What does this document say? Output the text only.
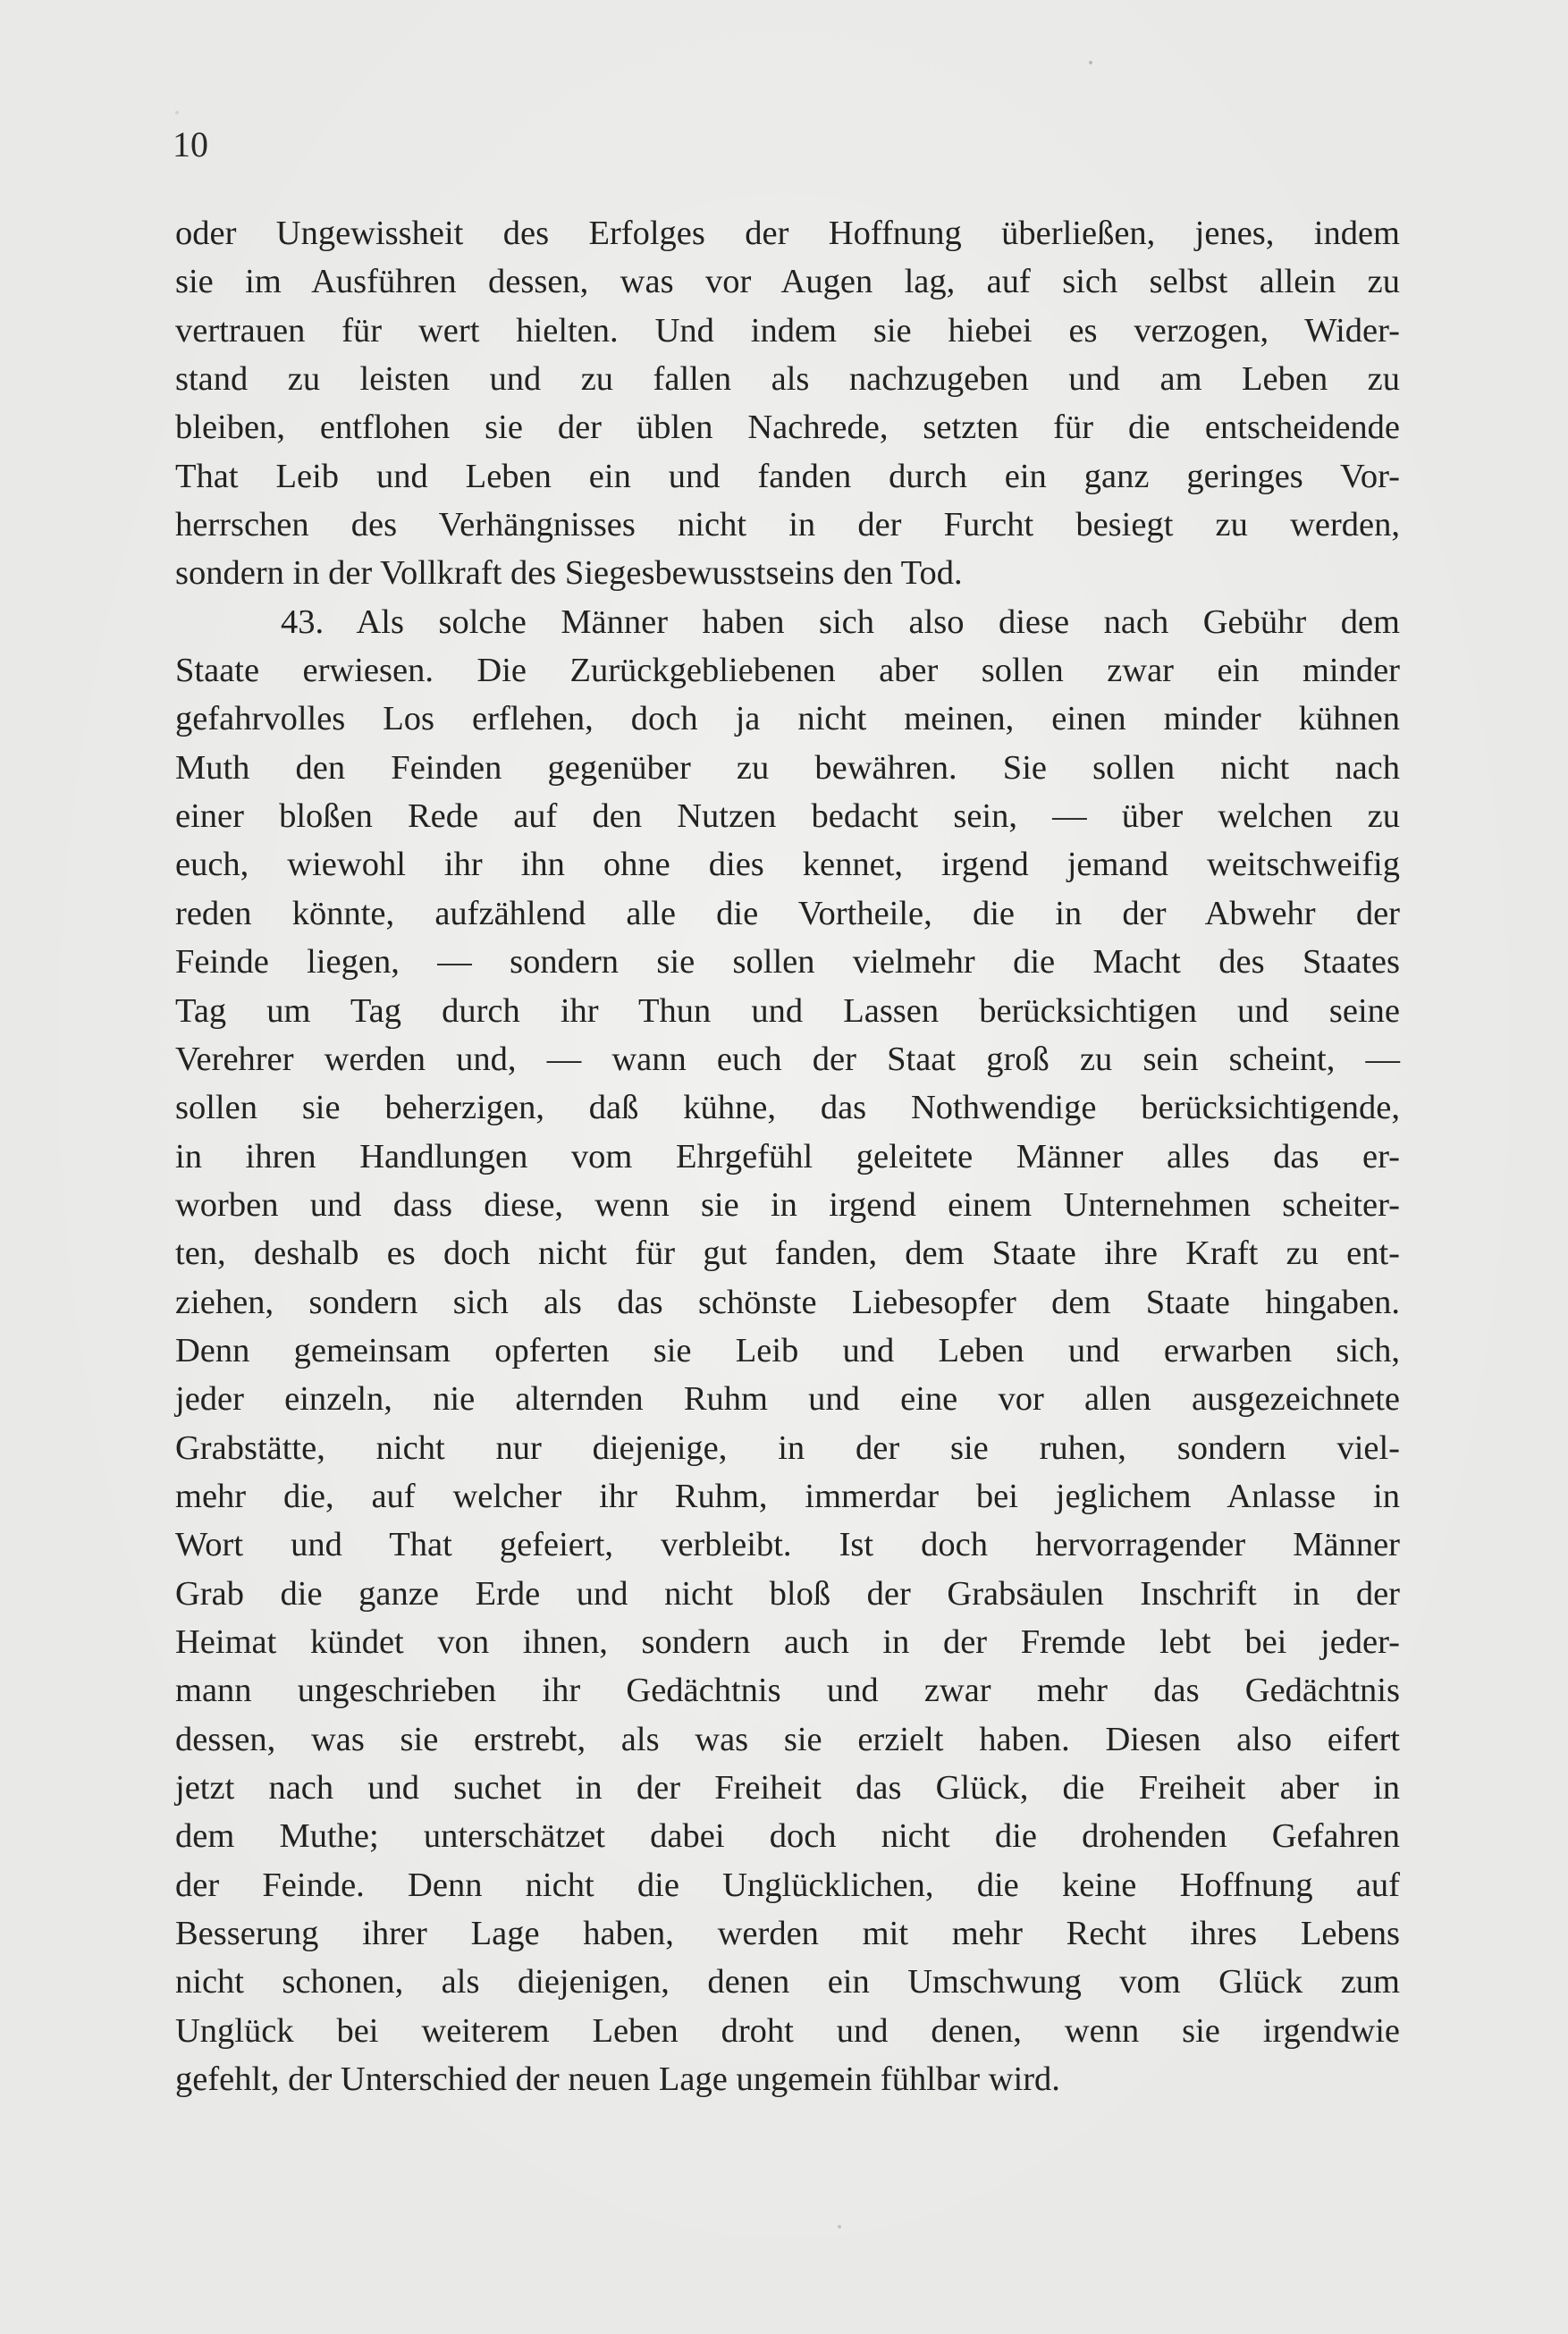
10
oder Ungewissheit des Erfolges der Hoffnung überließen, jenes, indem
sie im Ausführen dessen, was vor Augen lag, auf sich selbst allein zu
vertrauen für wert hielten. Und indem sie hiebei es verzogen, Wider-
stand zu leisten und zu fallen als nachzugeben und am Leben zu
bleiben, entflohen sie der üblen Nachrede, setzten für die entscheidende
That Leib und Leben ein und fanden durch ein ganz geringes Vor-
herrschen des Verhängnisses nicht in der Furcht besiegt zu werden,
sondern in der Vollkraft des Siegesbewusstseins den Tod.
43. Als solche Männer haben sich also diese nach Gebühr dem
Staate erwiesen. Die Zurückgebliebenen aber sollen zwar ein minder
gefahrvolles Los erflehen, doch ja nicht meinen, einen minder kühnen
Muth den Feinden gegenüber zu bewähren. Sie sollen nicht nach
einer bloßen Rede auf den Nutzen bedacht sein, — über welchen zu
euch, wiewohl ihr ihn ohne dies kennet, irgend jemand weitschweifig
reden könnte, aufzählend alle die Vortheile, die in der Abwehr der
Feinde liegen, — sondern sie sollen vielmehr die Macht des Staates
Tag um Tag durch ihr Thun und Lassen berücksichtigen und seine
Verehrer werden und, — wann euch der Staat groß zu sein scheint, —
sollen sie beherzigen, daß kühne, das Nothwendige berücksichtigende,
in ihren Handlungen vom Ehrgefühl geleitete Männer alles das er-
worben und dass diese, wenn sie in irgend einem Unternehmen scheiter-
ten, deshalb es doch nicht für gut fanden, dem Staate ihre Kraft zu ent-
ziehen, sondern sich als das schönste Liebesopfer dem Staate hingaben.
Denn gemeinsam opferten sie Leib und Leben und erwarben sich,
jeder einzeln, nie alternden Ruhm und eine vor allen ausgezeichnete
Grabstätte, nicht nur diejenige, in der sie ruhen, sondern viel-
mehr die, auf welcher ihr Ruhm, immerdar bei jeglichem Anlasse in
Wort und That gefeiert, verbleibt. Ist doch hervorragender Männer
Grab die ganze Erde und nicht bloß der Grabsäulen Inschrift in der
Heimat kündet von ihnen, sondern auch in der Fremde lebt bei jeder-
mann ungeschrieben ihr Gedächtnis und zwar mehr das Gedächtnis
dessen, was sie erstrebt, als was sie erzielt haben. Diesen also eifert
jetzt nach und suchet in der Freiheit das Glück, die Freiheit aber in
dem Muthe; unterschätzet dabei doch nicht die drohenden Gefahren
der Feinde. Denn nicht die Unglücklichen, die keine Hoffnung auf
Besserung ihrer Lage haben, werden mit mehr Recht ihres Lebens
nicht schonen, als diejenigen, denen ein Umschwung vom Glück zum
Unglück bei weiterem Leben droht und denen, wenn sie irgendwie
gefehlt, der Unterschied der neuen Lage ungemein fühlbar wird.
